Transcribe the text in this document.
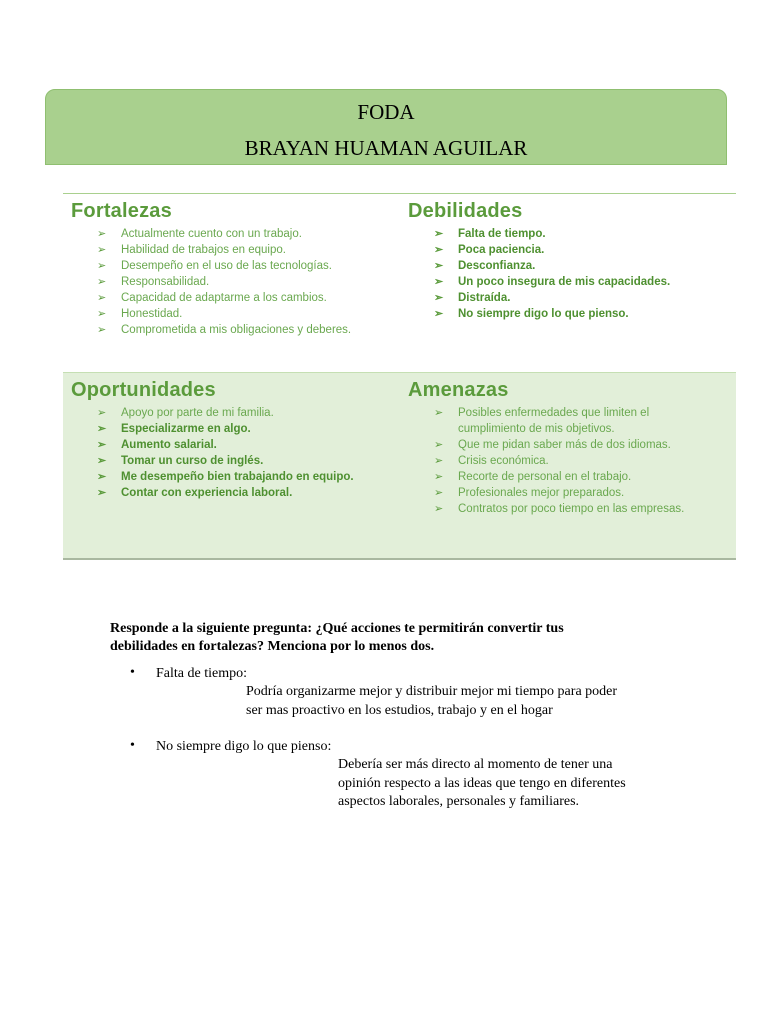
FODA
BRAYAN HUAMAN AGUILAR
Fortalezas
➢ Actualmente cuento con un trabajo.
➢ Habilidad de trabajos en equipo.
➢ Desempeño en el uso de las tecnologías.
➢ Responsabilidad.
➢ Capacidad de adaptarme a los cambios.
➢ Honestidad.
➢ Comprometida a mis obligaciones y deberes.
Debilidades
➢ Falta de tiempo.
➢ Poca paciencia.
➢ Desconfianza.
➢ Un poco insegura de mis capacidades.
➢ Distraída.
➢ No siempre digo lo que pienso.
Oportunidades
➢ Apoyo por parte de mi familia.
➢ Especializarme en algo.
➢ Aumento salarial.
➢ Tomar un curso de inglés.
➢ Me desempeño bien trabajando en equipo.
➢ Contar con experiencia laboral.
Amenazas
➢ Posibles enfermedades que limiten el
cumplimiento de mis objetivos.
➢ Que me pidan saber más de dos idiomas.
➢ Crisis económica.
➢ Recorte de personal en el trabajo.
➢ Profesionales mejor preparados.
➢ Contratos por poco tiempo en las empresas.
Responde a la siguiente pregunta: ¿Qué acciones te permitirán convertir tus
debilidades en fortalezas? Menciona por lo menos dos.
• Falta de tiempo:
Podría organizarme mejor y distribuir mejor mi tiempo para poder
ser mas proactivo en los estudios, trabajo y en el hogar
• No siempre digo lo que pienso:
Debería ser más directo al momento de tener una
opinión respecto a las ideas que tengo en diferentes
aspectos laborales, personales y familiares.
